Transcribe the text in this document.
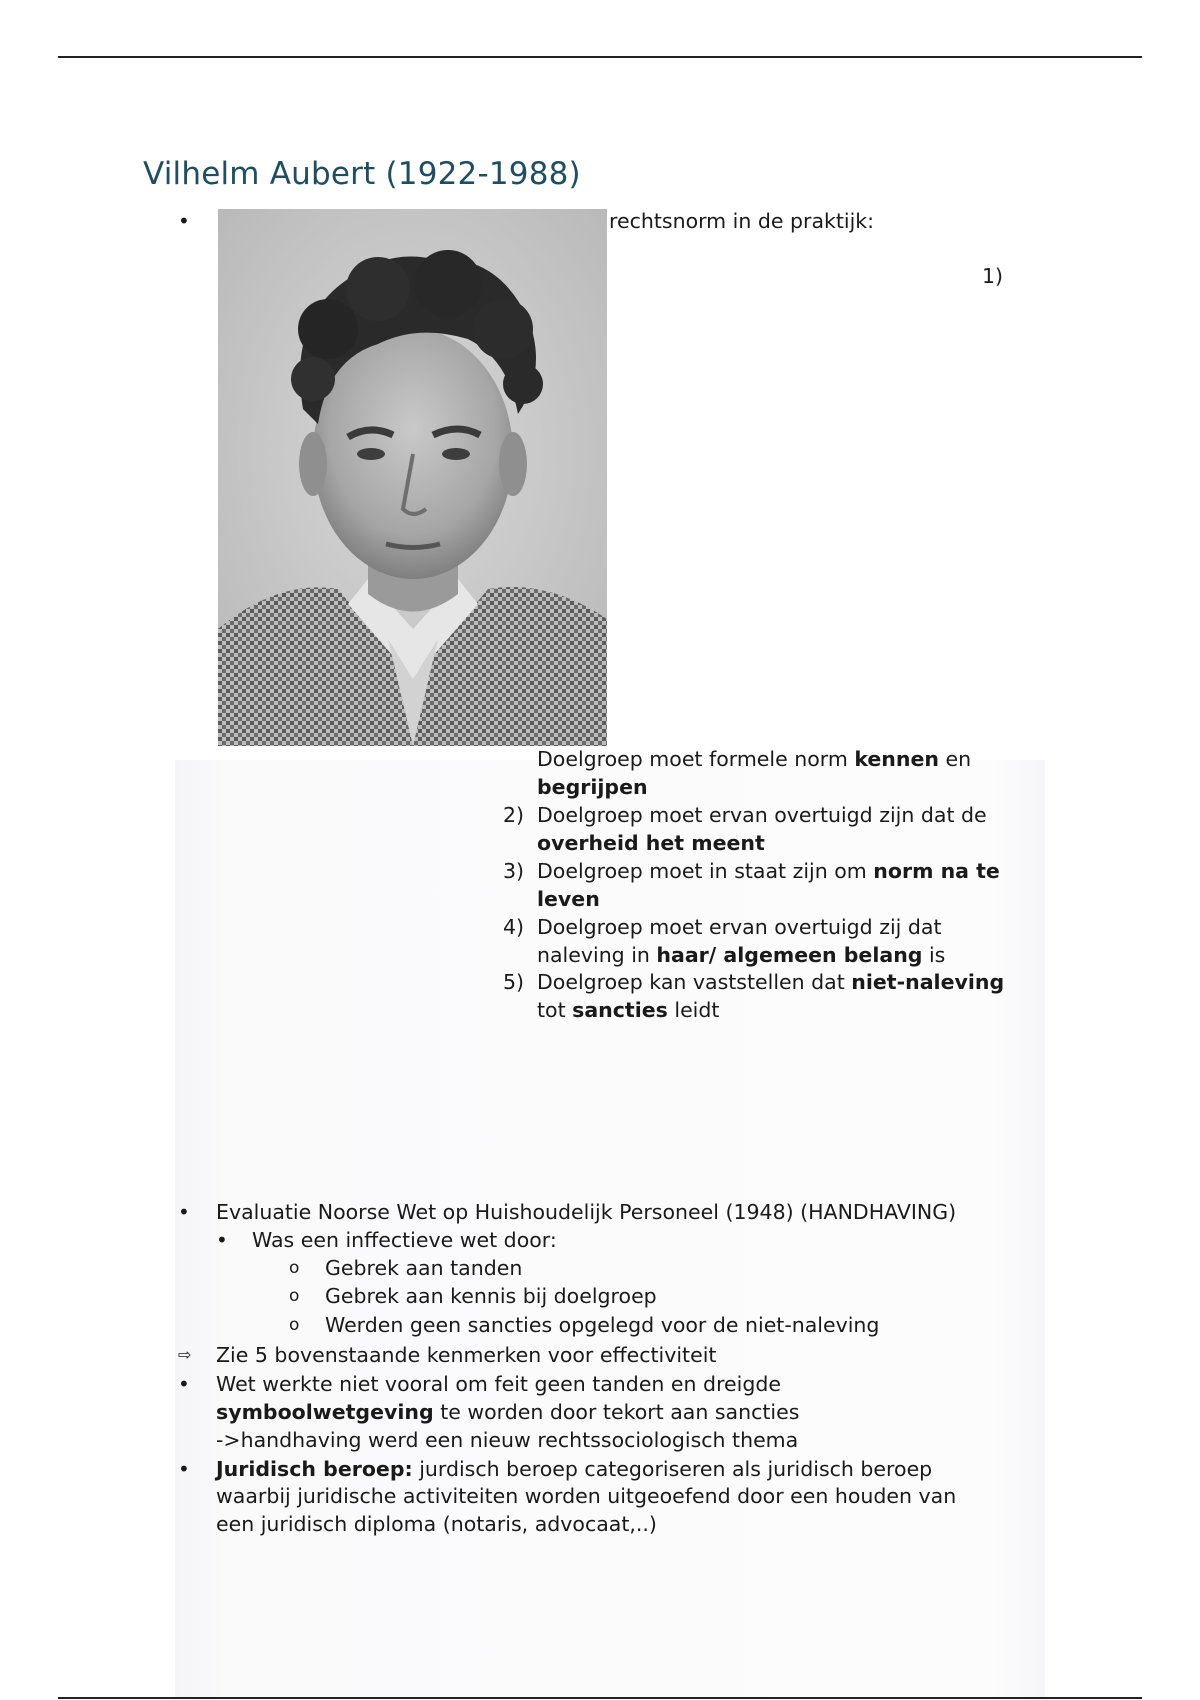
Vilhelm Aubert (1922-1988)
•	rechtsnorm in de praktijk:
1)
Doelgroep moet formele norm kennen en
begrijpen
2) Doelgroep moet ervan overtuigd zijn dat de
overheid het meent
3) Doelgroep moet in staat zijn om norm na te
leven
4) Doelgroep moet ervan overtuigd zij dat
naleving in haar/ algemeen belang is
5) Doelgroep kan vaststellen dat niet-naleving
tot sancties leidt
• Evaluatie Noorse Wet op Huishoudelijk Personeel (1948) (HANDHAVING)
• Was een inffectieve wet door:
o Gebrek aan tanden
o Gebrek aan kennis bij doelgroep
o Werden geen sancties opgelegd voor de niet-naleving
⇨ Zie 5 bovenstaande kenmerken voor effectiviteit
• Wet werkte niet vooral om feit geen tanden en dreigde
symboolwetgeving te worden door tekort aan sancties
->handhaving werd een nieuw rechtssociologisch thema
• Juridisch beroep: jurdisch beroep categoriseren als juridisch beroep
waarbij juridische activiteiten worden uitgeoefend door een houden van
een juridisch diploma (notaris, advocaat,..)
